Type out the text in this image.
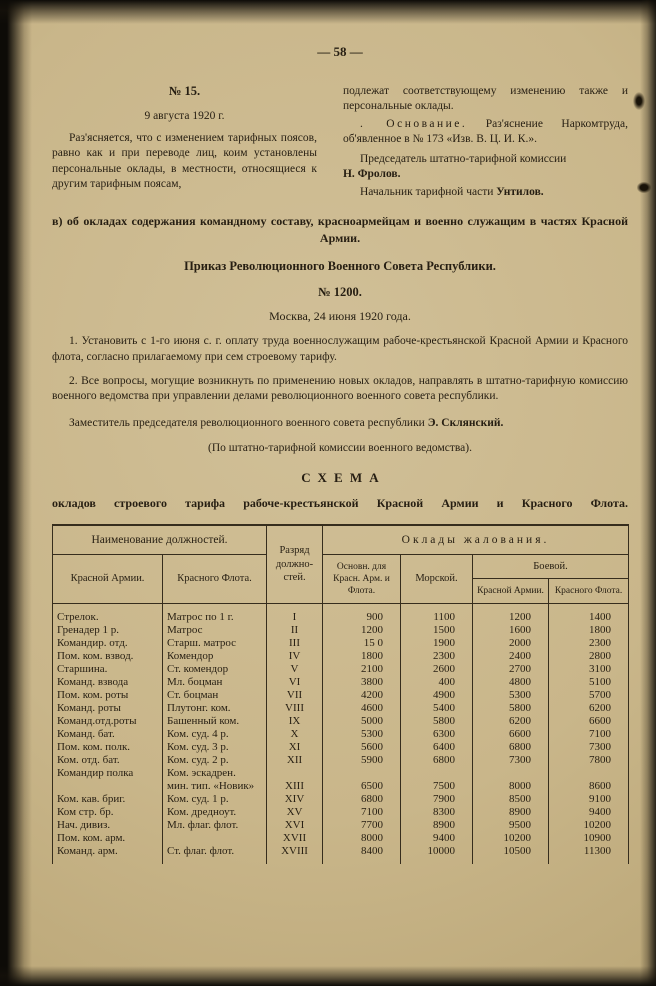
— 58 —
№ 15.
9 августа 1920 г.

Раз'ясняется, что с изменением тарифных поясов, равно как и при переводе лиц, коим установлены персональные оклады, в местности, относящиеся к другим тарифным поясам,

подлежат соответствующему изменению также и персональные оклады.

. Основание. Раз'яснение Наркомтруда, об'явленное в № 173 «Изв. В. Ц. И. К.».

Председатель штатно-тарифной комиссии

Н. Фролов.

Начальник тарифной части Унтилов.

в) об окладах содержания командному составу, красноармейцам и военно служащим в частях Красной Армии.

Приказ Революционного Военного Совета Республики.

№ 1200.

Москва, 24 июня 1920 года.

1. Установить с 1-го июня с. г. оплату труда военнослужащим рабоче-крестьянской Красной Армии и Красного флота, согласно прилагаемому при сем строевому тарифу.

2. Все вопросы, могущие возникнуть по применению новых окладов, направлять в штатно-тарифную комиссию военного ведомства при управлении делами революционного военного совета республики.

Заместитель председателя революционного военного совета республики Э. Склянский.

(По штатно-тарифной комиссии военного ведомства).

СХЕМА

окладов строевого тарифа рабоче-крестьянской Красной Армии и Красного Флота.

Наименование должностей.		Разряд должно-стей.	Оклады жалования.			
Красной Армии.	Красного Флота.		Основн. для Красн. Арм. и Флота.	Морской.	Боевой.	
					Красной Армии.	Красного Флота.
Стрелок.	Матрос по 1 г.	I	900	1100	1200	1400
Гренадер 1 р.	Матрос	II	1200	1500	1600	1800
Командир. отд.	Старш. матрос	III	15 0	1900	2000	2300
Пом. ком. взвод.	Комендор	IV	1800	2300	2400	2800
Старшина.	Ст. комендор	V	2100	2600	2700	3100
Команд. взвода	Мл. боцман	VI	3800	400	4800	5100
Пом. ком. роты	Ст. боцман	VII	4200	4900	5300	5700
Команд. роты	Плутонг. ком.	VIII	4600	5400	5800	6200
Команд.отд.роты	Башенный ком.	IX	5000	5800	6200	6600
Команд. бат.	Ком. суд. 4 р.	X	5300	6300	6600	7100
Пом. ком. полк.	Ком. суд. 3 р.	XI	5600	6400	6800	7300
Ком. отд. бат.	Ком. суд. 2 р.	XII	5900	6800	7300	7800
Командир полка	Ком. эскадрен.					
	мин. тип. «Новик»	XIII	6500	7500	8000	8600
Ком. кав. бриг.	Ком. суд. 1 р.	XIV	6800	7900	8500	9100
Ком стр. бр.	Ком. дредноут.	XV	7100	8300	8900	9400
Нач. дивиз.	Мл. флаг. флот.	XVI	7700	8900	9500	10200
Пом. ком. арм.		XVII	8000	9400	10200	10900
Команд. арм.	Ст. флаг. флот.	XVIII	8400	10000	10500	11300
